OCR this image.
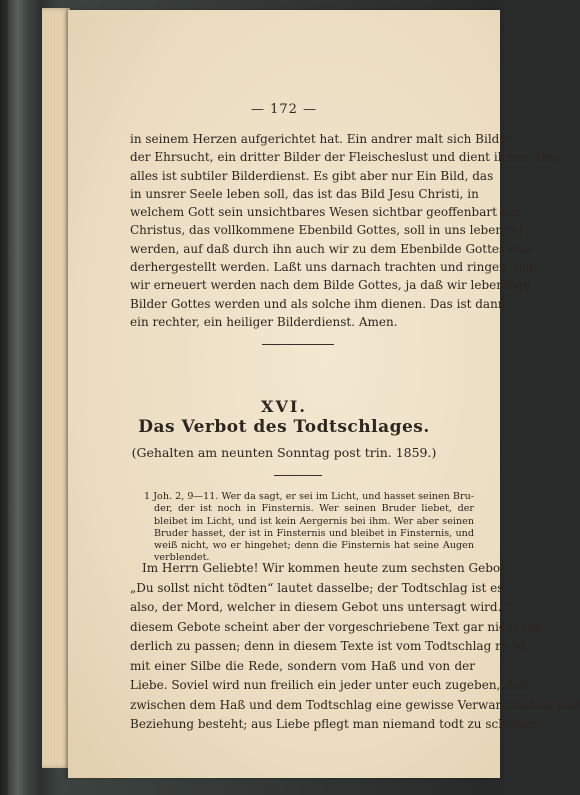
— 172 —
in seinem Herzen aufgerichtet hat. Ein andrer malt sich Bilder
der Ehrsucht, ein dritter Bilder der Fleischeslust und dient ihnen. Das
alles ist subtiler Bilderdienst. Es gibt aber nur Ein Bild, das
in unsrer Seele leben soll, das ist das Bild Jesu Christi, in
welchem Gott sein unsichtbares Wesen sichtbar geoffenbart hat.
Christus, das vollkommene Ebenbild Gottes, soll in uns lebendig
werden, auf daß durch ihn auch wir zu dem Ebenbilde Gottes wie-
derhergestellt werden. Laßt uns darnach trachten und ringen, daß
wir erneuert werden nach dem Bilde Gottes, ja daß wir lebendige
Bilder Gottes werden und als solche ihm dienen. Das ist dann
ein rechter, ein heiliger Bilderdienst. Amen.
XVI.
Das Verbot des Todtschlages.
(Gehalten am neunten Sonntag post trin. 1859.)
1 Joh. 2, 9—11. Wer da sagt, er sei im Licht, und hasset seinen Bru-
der, der ist noch in Finsternis. Wer seinen Bruder liebet, der
bleibet im Licht, und ist kein Aergernis bei ihm. Wer aber seinen
Bruder hasset, der ist in Finsternis und bleibet in Finsternis, und
weiß nicht, wo er hingehet; denn die Finsternis hat seine Augen
verblendet.
Im Herrn Geliebte! Wir kommen heute zum sechsten Gebot.
„Du sollst nicht tödten“ lautet dasselbe; der Todtschlag ist es
also, der Mord, welcher in diesem Gebot uns untersagt wird. Zu
diesem Gebote scheint aber der vorgeschriebene Text gar nicht son-
derlich zu passen; denn in diesem Texte ist vom Todtschlag nicht
mit einer Silbe die Rede, sondern vom Haß und von der
Liebe. Soviel wird nun freilich ein jeder unter euch zugeben, daß
zwischen dem Haß und dem Todtschlag eine gewisse Verwandtschaft und
Beziehung besteht; aus Liebe pflegt man niemand todt zu schlagen,
